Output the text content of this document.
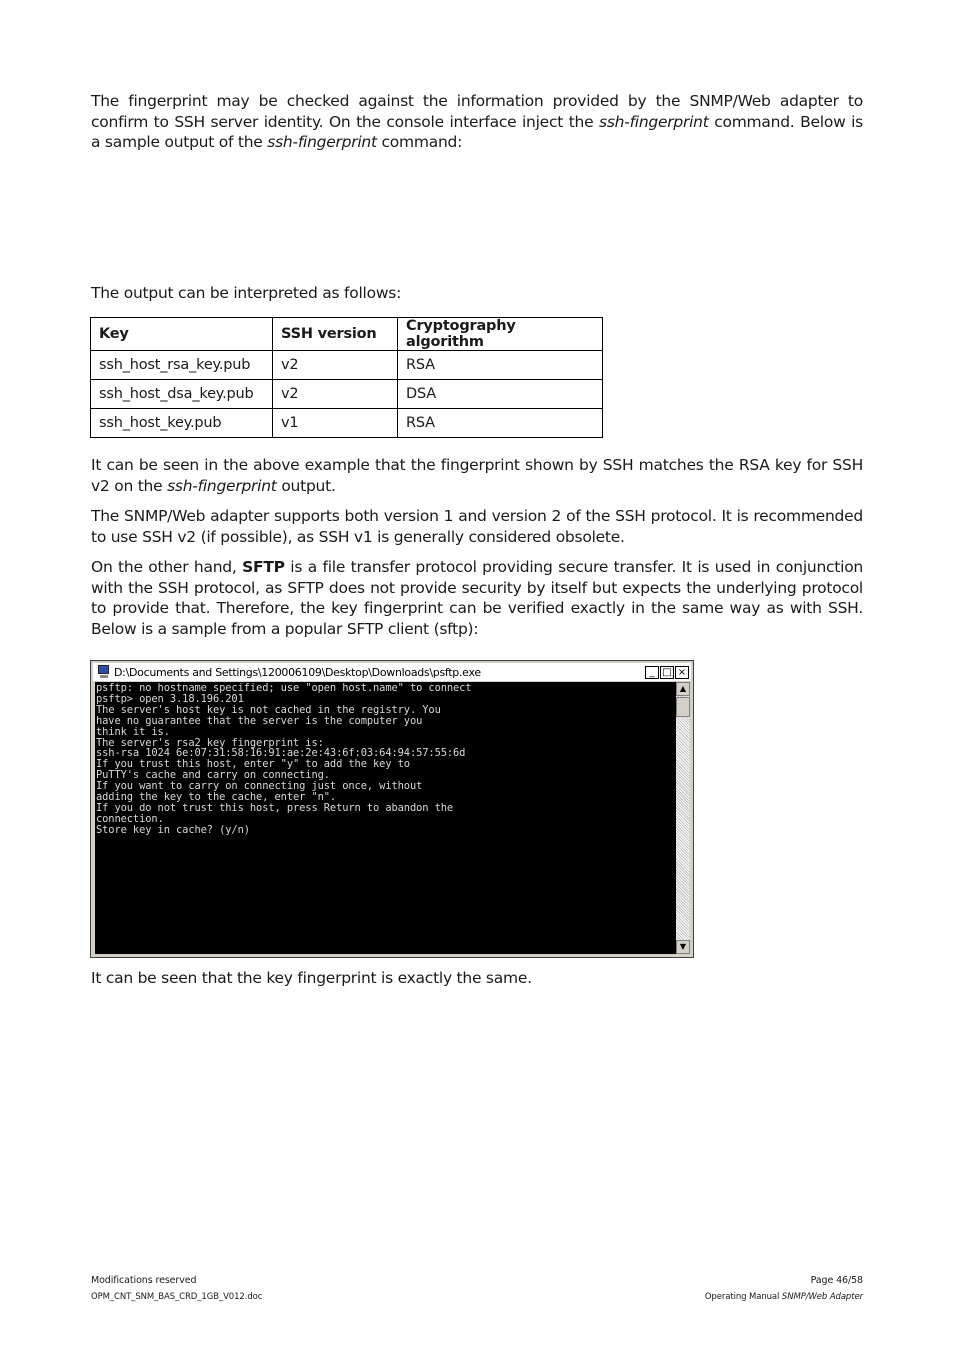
The fingerprint may be checked against the information provided by the SNMP/Web adapter to confirm to SSH server identity. On the console interface inject the ssh-fingerprint command. Below is a sample output of the ssh-fingerprint command:

The output can be interpreted as follows:

Key	SSH version	Cryptography algorithm
ssh_host_rsa_key.pub	v2	RSA
ssh_host_dsa_key.pub	v2	DSA
ssh_host_key.pub	v1	RSA

It can be seen in the above example that the fingerprint shown by SSH matches the RSA key for SSH v2 on the ssh-fingerprint output.

The SNMP/Web adapter supports both version 1 and version 2 of the SSH protocol. It is recommended to use SSH v2 (if possible), as SSH v1 is generally considered obsolete.

On the other hand, SFTP is a file transfer protocol providing secure transfer. It is used in conjunction with the SSH protocol, as SFTP does not provide security by itself but expects the underlying protocol to provide that. Therefore, the key fingerprint can be verified exactly in the same way as with SSH. Below is a sample from a popular SFTP client (sftp):

D:\Documents and Settings\120006109\Desktop\Downloads\psftp.exe	_ □ ×
psftp: no hostname specified; use "open host.name" to connect
psftp> open 3.18.196.201
The server's host key is not cached in the registry. You
have no guarantee that the server is the computer you
think it is.
The server's rsa2 key fingerprint is:
ssh-rsa 1024 6e:07:31:58:16:91:ae:2e:43:6f:03:64:94:57:55:6d
If you trust this host, enter "y" to add the key to
PuTTY's cache and carry on connecting.
If you want to carry on connecting just once, without
adding the key to the cache, enter "n".
If you do not trust this host, press Return to abandon the
connection.
Store key in cache? (y/n)
▲
▼

It can be seen that the key fingerprint is exactly the same.

Modifications reserved
OPM_CNT_SNM_BAS_CRD_1GB_V012.doc
Page 46/58
Operating Manual SNMP/Web Adapter
